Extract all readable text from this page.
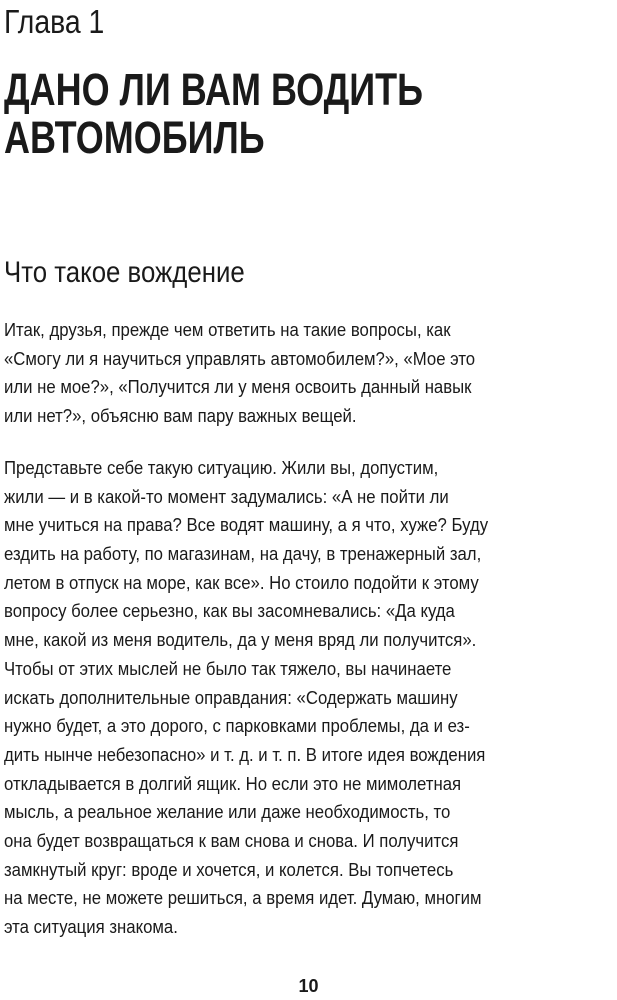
Глава 1
ДАНО ЛИ ВАМ ВОДИТЬ
АВТОМОБИЛЬ
Что такое вождение

Итак, друзья, прежде чем ответить на такие вопросы, как
«Смогу ли я научиться управлять автомобилем?», «Мое это
или не мое?», «Получится ли у меня освоить данный навык
или нет?», объясню вам пару важных вещей.

Представьте себе такую ситуацию. Жили вы, допустим,
жили — и в какой-то момент задумались: «А не пойти ли
мне учиться на права? Все водят машину, а я что, хуже? Буду
ездить на работу, по магазинам, на дачу, в тренажерный зал,
летом в отпуск на море, как все». Но стоило подойти к этому
вопросу более серьезно, как вы засомневались: «Да куда
мне, какой из меня водитель, да у меня вряд ли получится».
Чтобы от этих мыслей не было так тяжело, вы начинаете
искать дополнительные оправдания: «Содержать машину
нужно будет, а это дорого, с парковками проблемы, да и ез-
дить нынче небезопасно» и т. д. и т. п. В итоге идея вождения
откладывается в долгий ящик. Но если это не мимолетная
мысль, а реальное желание или даже необходимость, то
она будет возвращаться к вам снова и снова. И получится
замкнутый круг: вроде и хочется, и колется. Вы топчетесь
на месте, не можете решиться, а время идет. Думаю, многим
эта ситуация знакома.

10
